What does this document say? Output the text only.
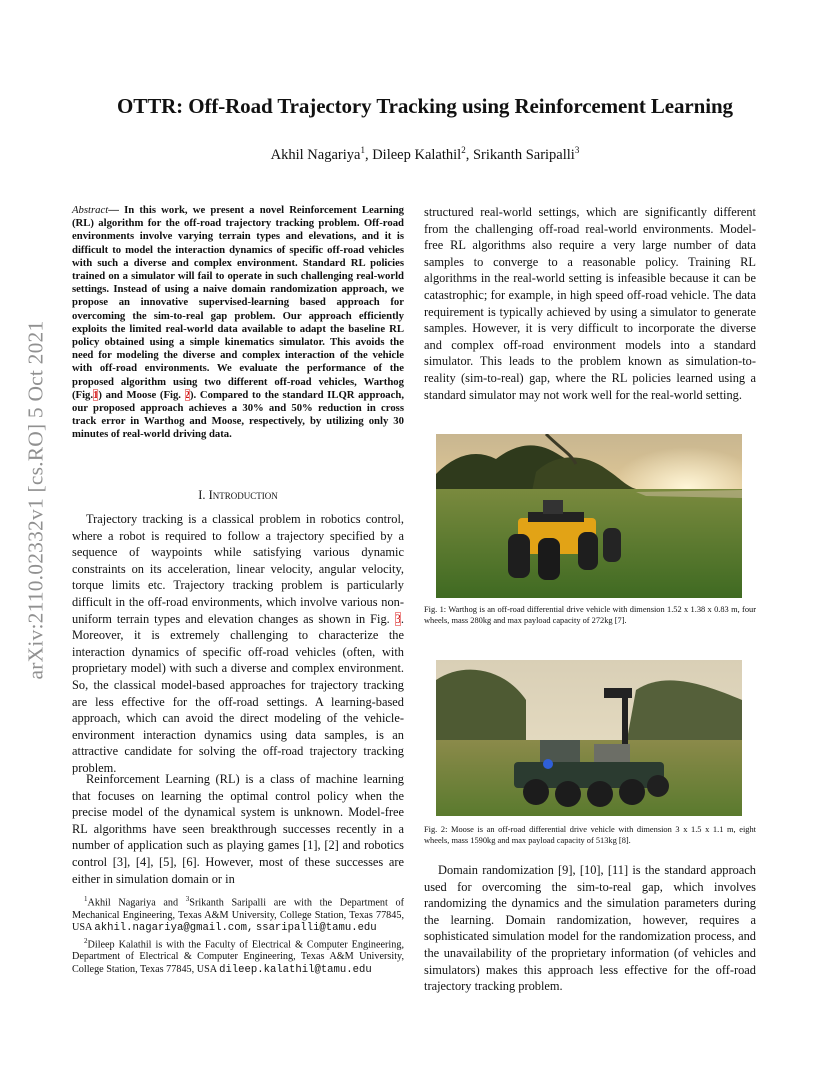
arXiv:2110.02332v1 [cs.RO] 5 Oct 2021
OTTR: Off-Road Trajectory Tracking using Reinforcement Learning
Akhil Nagariya$^1$, Dileep Kalathil$^2$, Srikanth Saripalli$^3$
Abstract— In this work, we present a novel Reinforcement Learning (RL) algorithm for the off-road trajectory tracking problem. Off-road environments involve varying terrain types and elevations, and it is difficult to model the interaction dynamics of specific off-road vehicles with such a diverse and complex environment. Standard RL policies trained on a simulator will fail to operate in such challenging real-world settings. Instead of using a naive domain randomization approach, we propose an innovative supervised-learning based approach for overcoming the sim-to-real gap problem. Our approach efficiently exploits the limited real-world data available to adapt the baseline RL policy obtained using a simple kinematics simulator. This avoids the need for modeling the diverse and complex interaction of the vehicle with off-road environments. We evaluate the performance of the proposed algorithm using two different off-road vehicles, Warthog (Fig.1) and Moose (Fig. 2). Compared to the standard ILQR approach, our proposed approach achieves a 30% and 50% reduction in cross track error in Warthog and Moose, respectively, by utilizing only 30 minutes of real-world driving data.
I. Introduction
Trajectory tracking is a classical problem in robotics control, where a robot is required to follow a trajectory specified by a sequence of waypoints while satisfying various dynamic constraints on its acceleration, linear velocity, angular velocity, torque limits etc. Trajectory tracking problem is particularly difficult in the off-road environments, which involve various non-uniform terrain types and elevation changes as shown in Fig. 3. Moreover, it is extremely challenging to characterize the interaction dynamics of specific off-road vehicles (often, with proprietary model) with such a diverse and complex environment. So, the classical model-based approaches for trajectory tracking are less effective for the off-road settings. A learning-based approach, which can avoid the direct modeling of the vehicle-environment interaction dynamics using data samples, is an attractive candidate for solving the off-road trajectory tracking problem.
Reinforcement Learning (RL) is a class of machine learning that focuses on learning the optimal control policy when the precise model of the dynamical system is unknown. Model-free RL algorithms have seen breakthrough successes recently in a number of application such as playing games [1], [2] and robotics control [3], [4], [5], [6]. However, most of these successes are either in simulation domain or in
$^1$Akhil Nagariya and $^3$Srikanth Saripalli are with the Department of Mechanical Engineering, Texas A&M University, College Station, Texas 77845, USA akhil.nagariya@gmail.com, ssaripalli@tamu.edu
$^2$Dileep Kalathil is with the Faculty of Electrical & Computer Engineering, Department of Electrical & Computer Engineering, Texas A&M University, College Station, Texas 77845, USA dileep.kalathil@tamu.edu
structured real-world settings, which are significantly different from the challenging off-road real-world environments. Model-free RL algorithms also require a very large number of data samples to converge to a reasonable policy. Training RL algorithms in the real-world setting is infeasible because it can be catastrophic; for example, in high speed off-road vehicle. The data requirement is typically achieved by using a simulator to generate samples. However, it is very difficult to incorporate the diverse and complex off-road environment models into a standard simulator. This leads to the problem known as simulation-to-reality (sim-to-real) gap, where the RL policies learned using a standard simulator may not work well for the real-world setting.
Fig. 1: Warthog is an off-road differential drive vehicle with dimension 1.52 x 1.38 x 0.83 m, four wheels, mass 280kg and max payload capacity of 272kg [7].
Fig. 2: Moose is an off-road differential drive vehicle with dimension 3 x 1.5 x 1.1 m, eight wheels, mass 1590kg and max payload capacity of 513kg [8].
Domain randomization [9], [10], [11] is the standard approach used for overcoming the sim-to-real gap, which involves randomizing the dynamics and the simulation parameters during the learning. Domain randomization, however, requires a sophisticated simulation model for the randomization process, and the unavailability of the proprietary information (of vehicles and simulators) makes this approach less effective for the off-road trajectory tracking problem.
